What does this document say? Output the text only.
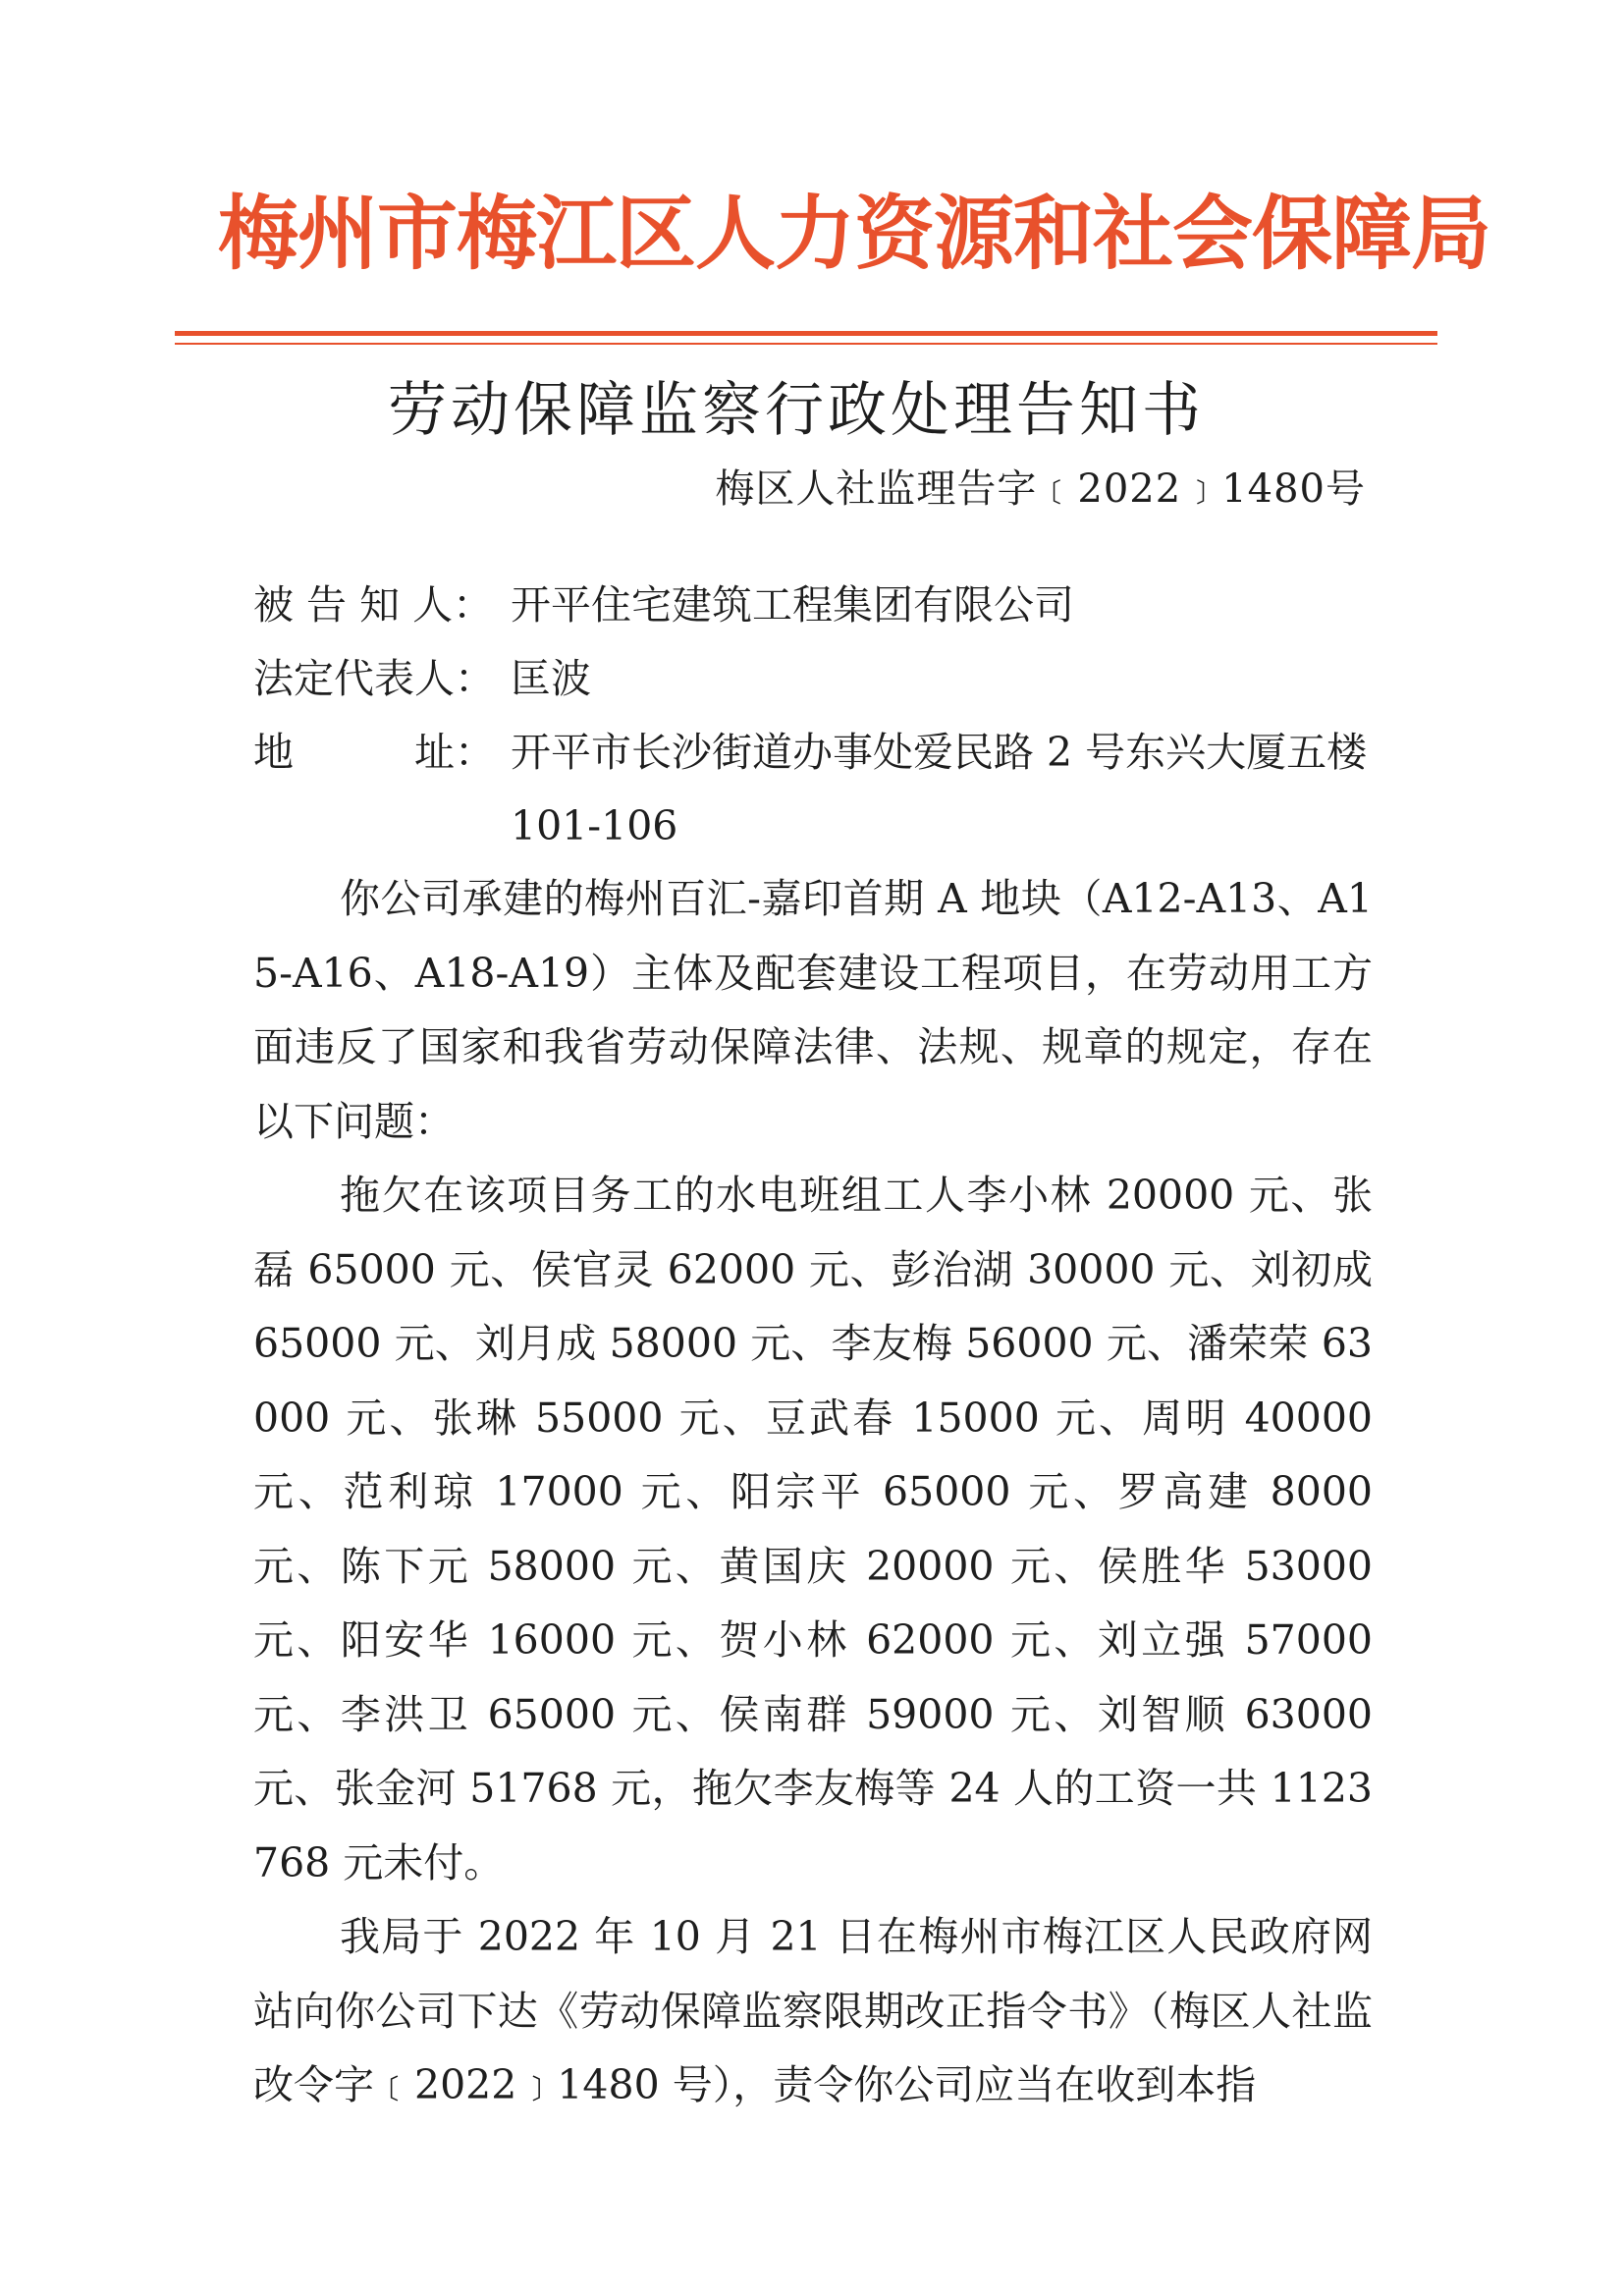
梅州市梅江区人力资源和社会保障局
劳动保障监察行政处理告知书
梅区人社监理告字﹝2022﹞1480号
被 告 知 人： 开平住宅建筑工程集团有限公司
法定代表人： 匡波
地　　　址： 开平市长沙街道办事处爱民路 2 号东兴大厦五楼 101-106

你公司承建的梅州百汇-嘉印首期 A 地块（A12-A13、A15-A16、A18-A19）主体及配套建设工程项目，在劳动用工方面违反了国家和我省劳动保障法律、法规、规章的规定，存在以下问题：

拖欠在该项目务工的水电班组工人李小林 20000 元、张磊 65000 元、侯官灵 62000 元、彭治湖 30000 元、刘初成 65000 元、刘月成 58000 元、李友梅 56000 元、潘荣荣 63000 元、张琳 55000 元、豆武春 15000 元、周明 40000 元、范利琼 17000 元、阳宗平 65000 元、罗高建 8000 元、陈下元 58000 元、黄国庆 20000 元、侯胜华 53000 元、阳安华 16000 元、贺小林 62000 元、刘立强 57000 元、李洪卫 65000 元、侯南群 59000 元、刘智顺 63000 元、张金河 51768 元，拖欠李友梅等 24 人的工资一共 1123768 元未付。

我局于 2022 年 10 月 21 日在梅州市梅江区人民政府网站向你公司下达《劳动保障监察限期改正指令书》（梅区人社监改令字﹝2022﹞1480 号），责令你公司应当在收到本指
